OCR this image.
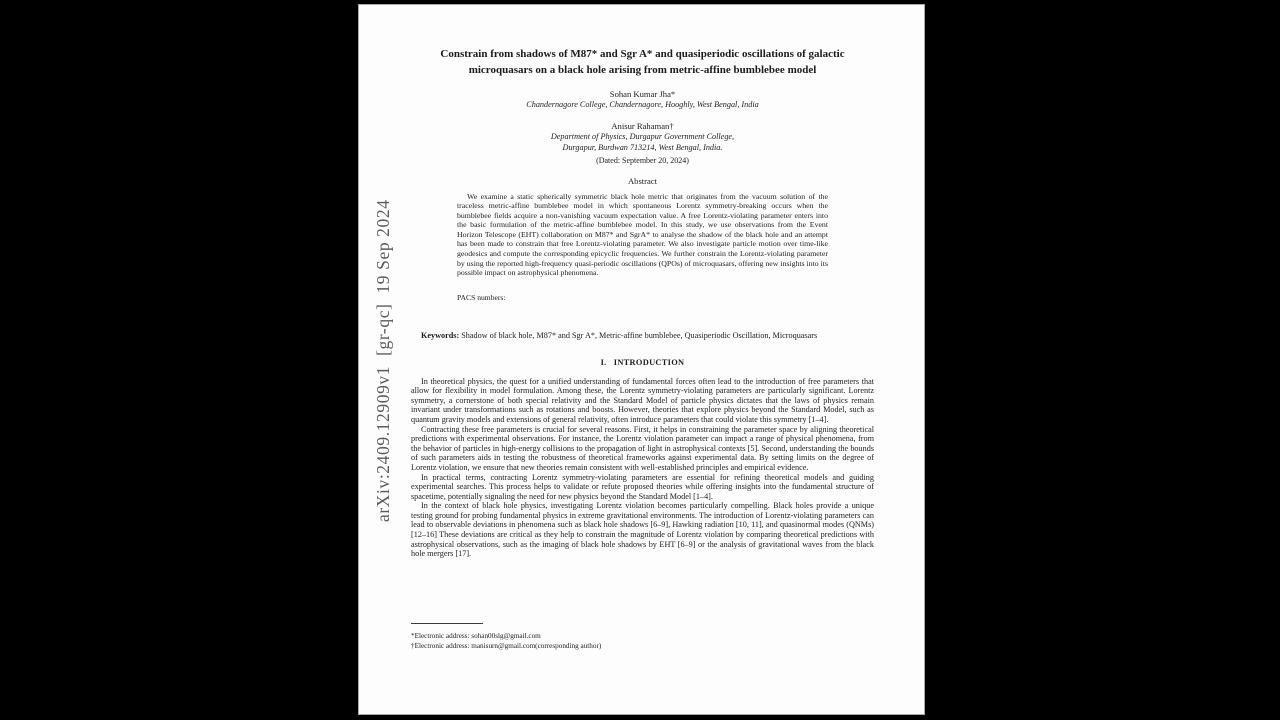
arXiv:2409.12909v1  [gr-qc]  19 Sep 2024
Constrain from shadows of M87* and Sgr A* and quasiperiodic oscillations of galactic microquasars on a black hole arising from metric-affine bumblebee model
Sohan Kumar Jha*
Chandernagore College, Chandernagore, Hooghly, West Bengal, India
Anisur Rahaman†
Department of Physics, Durgapur Government College,
Durgapur, Burdwan 713214, West Bengal, India.
(Dated: September 20, 2024)
Abstract
We examine a static spherically symmetric black hole metric that originates from the vacuum solution of the traceless metric-affine bumblebee model in which spontaneous Lorentz symmetry-breaking occurs when the bumblebee fields acquire a non-vanishing vacuum expectation value. A free Lorentz-violating parameter enters into the basic formulation of the metric-affine bumblebee model. In this study, we use observations from the Event Horizon Telescope (EHT) collaboration on M87* and SgrA* to analyse the shadow of the black hole and an attempt has been made to constrain that free Lorentz-violating parameter. We also investigate particle motion over time-like geodesics and compute the corresponding epicyclic frequencies. We further constrain the Lorentz-violating parameter by using the reported high-frequency quasi-periodic oscillations (QPOs) of microquasars, offering new insights into its possible impact on astrophysical phenomena.
PACS numbers:
Keywords: Shadow of black hole, M87* and Sgr A*, Metric-affine bumblebee, Quasiperiodic Oscillation, Microquasars
I.   INTRODUCTION

In theoretical physics, the quest for a unified understanding of fundamental forces often lead to the introduction of free parameters that allow for flexibility in model formulation. Among these, the Lorentz symmetry-violating parameters are particularly significant. Lorentz symmetry, a cornerstone of both special relativity and the Standard Model of particle physics dictates that the laws of physics remain invariant under transformations such as rotations and boosts. However, theories that explore physics beyond the Standard Model, such as quantum gravity models and extensions of general relativity, often introduce parameters that could violate this symmetry [1–4].

Contracting these free parameters is crucial for several reasons. First, it helps in constraining the parameter space by aligning theoretical predictions with experimental observations. For instance, the Lorentz violation parameter can impact a range of physical phenomena, from the behavior of particles in high-energy collisions to the propagation of light in astrophysical contexts [5]. Second, understanding the bounds of such parameters aids in testing the robustness of theoretical frameworks against experimental data. By setting limits on the degree of Lorentz violation, we ensure that new theories remain consistent with well-established principles and empirical evidence.

In practical terms, contracting Lorentz symmetry-violating parameters are essential for refining theoretical models and guiding experimental searches. This process helps to validate or refute proposed theories while offering insights into the fundamental structure of spacetime, potentially signaling the need for new physics beyond the Standard Model [1–4].

In the context of black hole physics, investigating Lorentz violation becomes particularly compelling. Black holes provide a unique testing ground for probing fundamental physics in extreme gravitational environments. The introduction of Lorentz-violating parameters can lead to observable deviations in phenomena such as black hole shadows [6–9], Hawking radiation [10, 11], and quasinormal modes (QNMs)[12–16] These deviations are critical as they help to constrain the magnitude of Lorentz violation by comparing theoretical predictions with astrophysical observations, such as the imaging of black hole shadows by EHT [6–9] or the analysis of gravitational waves from the black hole mergers [17].

*Electronic address: sohan00slg@gmail.com
†Electronic address: manisurn@gmail.com(corresponding author)
